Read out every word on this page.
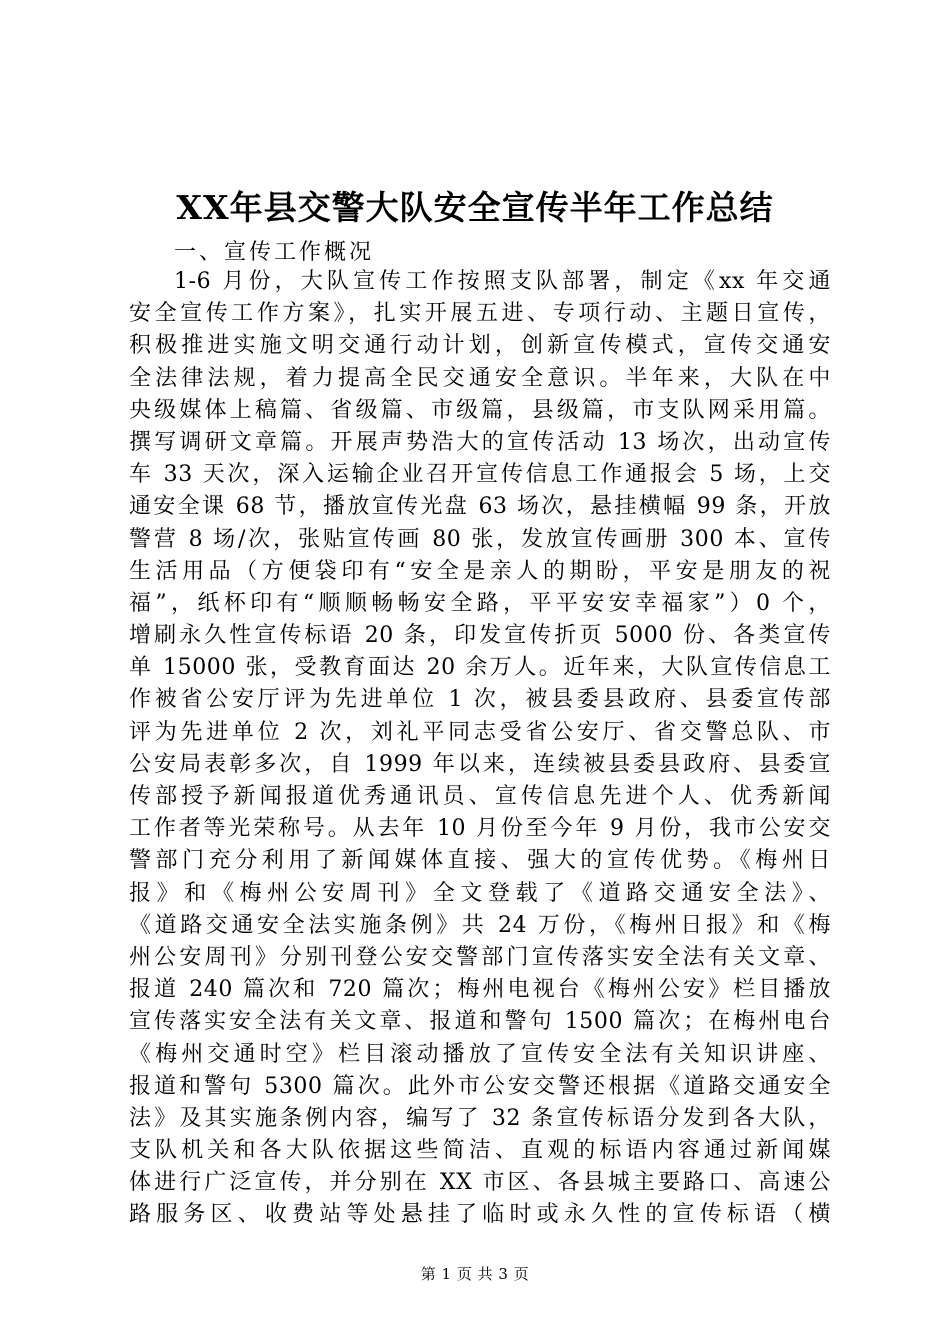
XX年县交警大队安全宣传半年工作总结
一、宣传工作概况
1-6 月份，大队宣传工作按照支队部署，制定《xx 年交通
安全宣传工作方案》，扎实开展五进、专项行动、主题日宣传，
积极推进实施文明交通行动计划，创新宣传模式，宣传交通安
全法律法规，着力提高全民交通安全意识。半年来，大队在中
央级媒体上稿篇、省级篇、市级篇，县级篇，市支队网采用篇。
撰写调研文章篇。开展声势浩大的宣传活动 13 场次，出动宣传
车 33 天次，深入运输企业召开宣传信息工作通报会 5 场，上交
通安全课 68 节，播放宣传光盘 63 场次，悬挂横幅 99 条，开放
警营 8 场/次，张贴宣传画 80 张，发放宣传画册 300 本、宣传
生活用品（方便袋印有“安全是亲人的期盼，平安是朋友的祝
福”，纸杯印有“顺顺畅畅安全路，平平安安幸福家”）0 个，
增刷永久性宣传标语 20 条，印发宣传折页 5000 份、各类宣传
单 15000 张，受教育面达 20 余万人。近年来，大队宣传信息工
作被省公安厅评为先进单位 1 次，被县委县政府、县委宣传部
评为先进单位 2 次，刘礼平同志受省公安厅、省交警总队、市
公安局表彰多次，自 1999 年以来，连续被县委县政府、县委宣
传部授予新闻报道优秀通讯员、宣传信息先进个人、优秀新闻
工作者等光荣称号。从去年 10 月份至今年 9 月份，我市公安交
警部门充分利用了新闻媒体直接、强大的宣传优势。《梅州日
报》和《梅州公安周刊》全文登载了《道路交通安全法》、
《道路交通安全法实施条例》共 24 万份，《梅州日报》和《梅
州公安周刊》分别刊登公安交警部门宣传落实安全法有关文章、
报道 240 篇次和 720 篇次；梅州电视台《梅州公安》栏目播放
宣传落实安全法有关文章、报道和警句 1500 篇次；在梅州电台
《梅州交通时空》栏目滚动播放了宣传安全法有关知识讲座、
报道和警句 5300 篇次。此外市公安交警还根据《道路交通安全
法》及其实施条例内容，编写了 32 条宣传标语分发到各大队，
支队机关和各大队依据这些简洁、直观的标语内容通过新闻媒
体进行广泛宣传，并分别在 XX 市区、各县城主要路口、高速公
路服务区、收费站等处悬挂了临时或永久性的宣传标语（横
第 1 页 共 3 页
